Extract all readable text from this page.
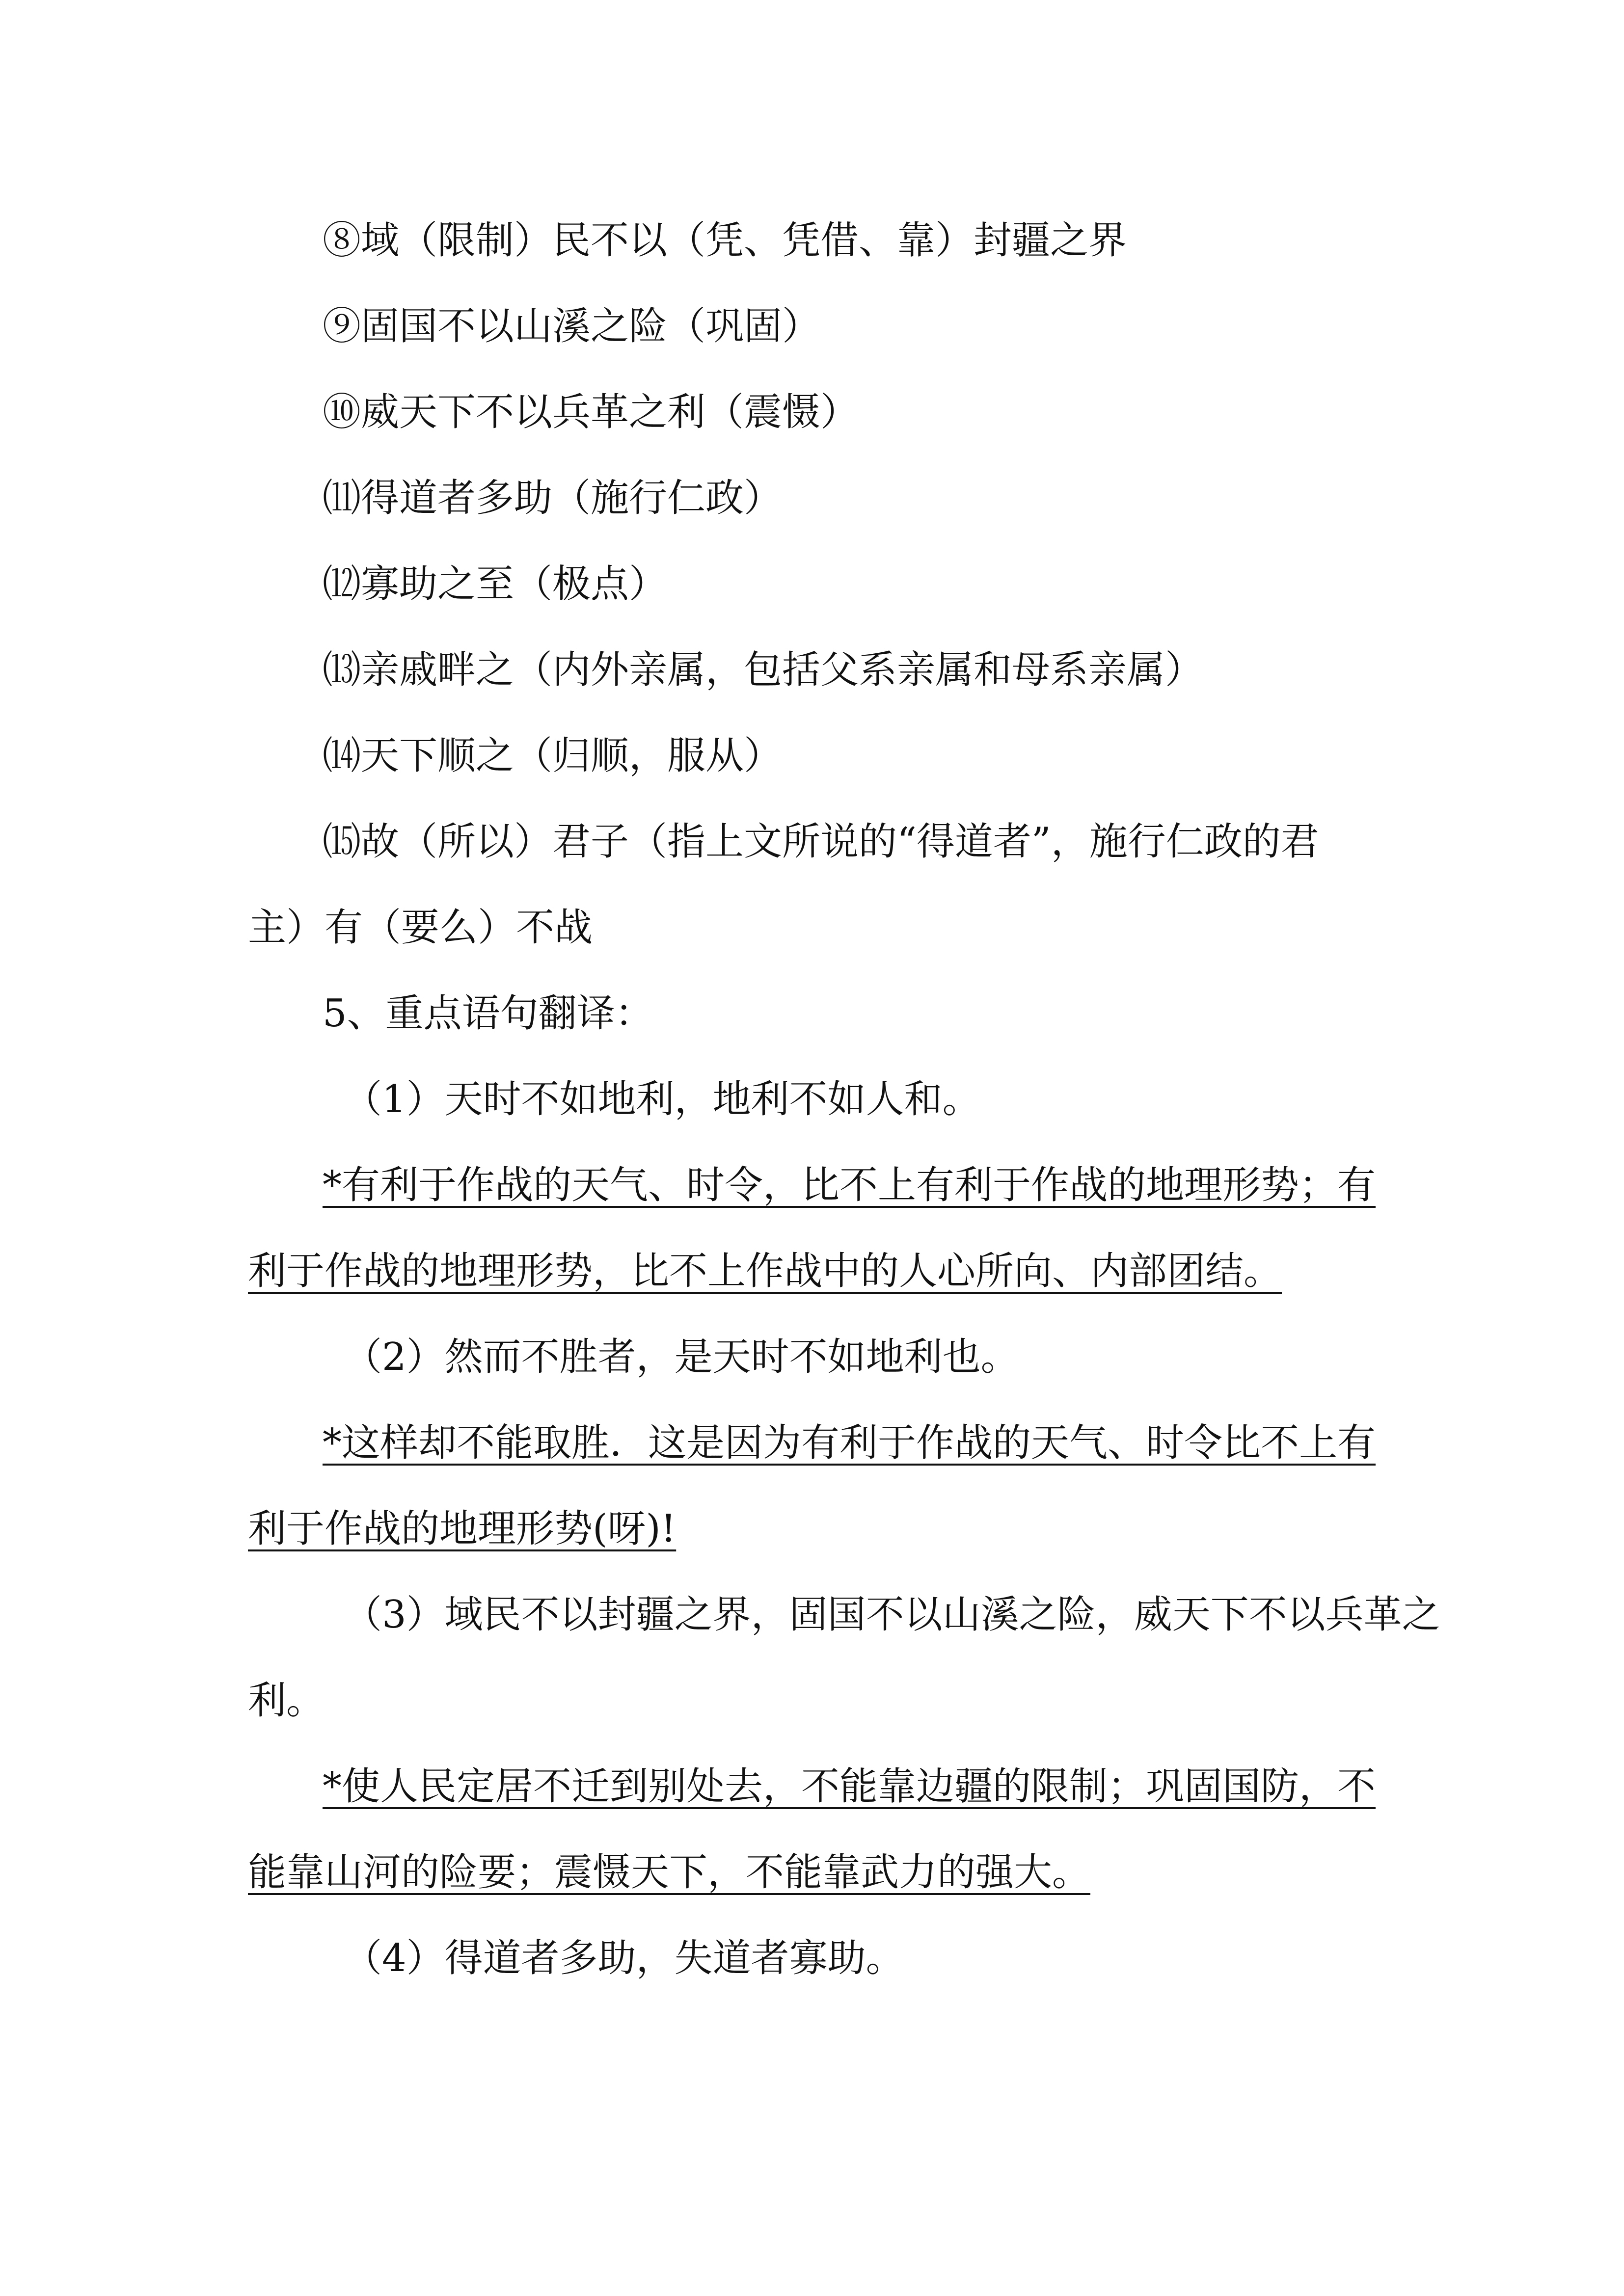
⑧域（限制）民不以（凭、凭借、靠）封疆之界
⑨固国不以山溪之险（巩固）
⑩威天下不以兵革之利（震慑）
⑾得道者多助（施行仁政）
⑿寡助之至（极点）
⒀亲戚畔之（内外亲属，包括父系亲属和母系亲属）
⒁天下顺之（归顺，服从）
⒂故（所以）君子（指上文所说的“得道者”，施行仁政的君
主）有（要么）不战
5、重点语句翻译：
（1）天时不如地利，地利不如人和。
*有利于作战的天气、时令，比不上有利于作战的地理形势；有
利于作战的地理形势，比不上作战中的人心所向、内部团结。
（2）然而不胜者，是天时不如地利也。
*这样却不能取胜．这是因为有利于作战的天气、时令比不上有
利于作战的地理形势(呀)!
（3）域民不以封疆之界，固国不以山溪之险，威天下不以兵革之
利。
*使人民定居不迁到别处去，不能靠边疆的限制；巩固国防，不
能靠山河的险要；震慑天下，不能靠武力的强大。
（4）得道者多助，失道者寡助。
